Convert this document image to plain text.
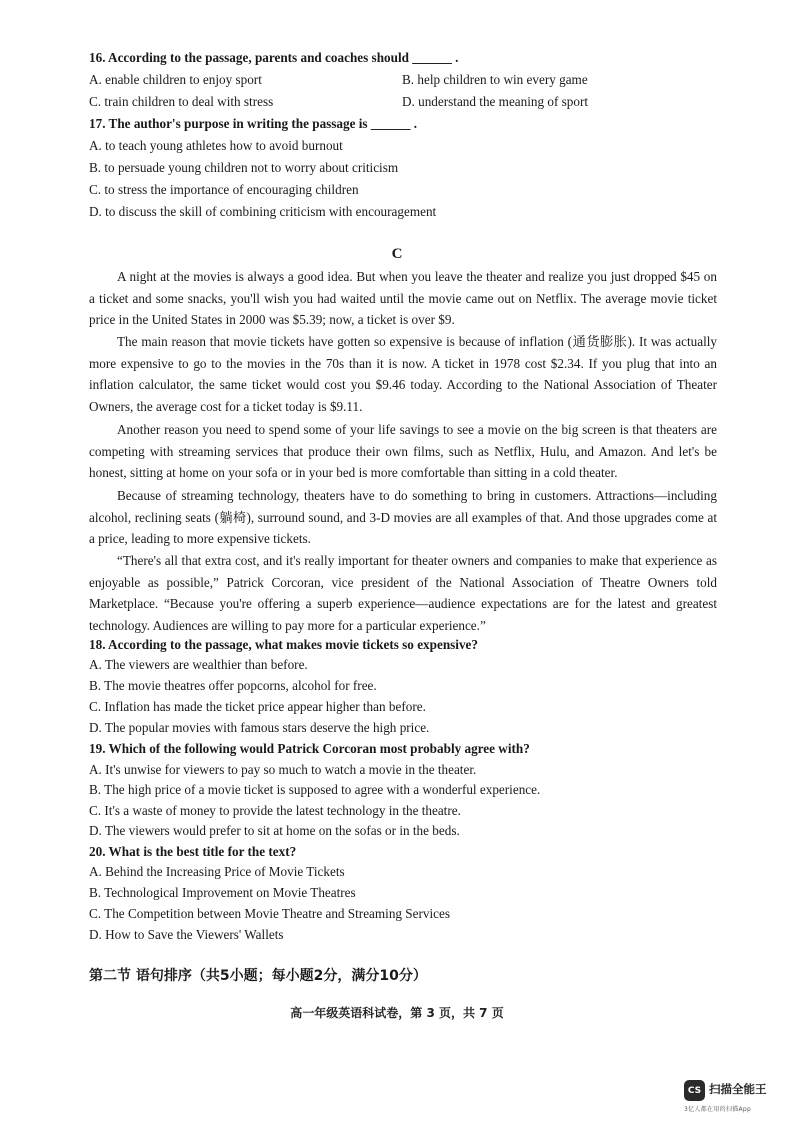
16. According to the passage, parents and coaches should ______ .
A. enable children to enjoy sport	B. help children to win every game
C. train children to deal with stress	D. understand the meaning of sport
17. The author's purpose in writing the passage is ______ .
A. to teach young athletes how to avoid burnout
B. to persuade young children not to worry about criticism
C. to stress the importance of encouraging children
D. to discuss the skill of combining criticism with encouragement
C
A night at the movies is always a good idea. But when you leave the theater and realize you just dropped $45 on a ticket and some snacks, you'll wish you had waited until the movie came out on Netflix. The average movie ticket price in the United States in 2000 was $5.39; now, a ticket is over $9.
The main reason that movie tickets have gotten so expensive is because of inflation (通货膨胀). It was actually more expensive to go to the movies in the 70s than it is now. A ticket in 1978 cost $2.34. If you plug that into an inflation calculator, the same ticket would cost you $9.46 today. According to the National Association of Theater Owners, the average cost for a ticket today is $9.11.
Another reason you need to spend some of your life savings to see a movie on the big screen is that theaters are competing with streaming services that produce their own films, such as Netflix, Hulu, and Amazon. And let's be honest, sitting at home on your sofa or in your bed is more comfortable than sitting in a cold theater.
Because of streaming technology, theaters have to do something to bring in customers. Attractions—including alcohol, reclining seats (躺椅), surround sound, and 3-D movies are all examples of that. And those upgrades come at a price, leading to more expensive tickets.
“There's all that extra cost, and it's really important for theater owners and companies to make that experience as enjoyable as possible,” Patrick Corcoran, vice president of the National Association of Theatre Owners told Marketplace. “Because you're offering a superb experience—audience expectations are for the latest and greatest technology. Audiences are willing to pay more for a particular experience.”
18. According to the passage, what makes movie tickets so expensive?
A. The viewers are wealthier than before.
B. The movie theatres offer popcorns, alcohol for free.
C. Inflation has made the ticket price appear higher than before.
D. The popular movies with famous stars deserve the high price.
19. Which of the following would Patrick Corcoran most probably agree with?
A. It's unwise for viewers to pay so much to watch a movie in the theater.
B. The high price of a movie ticket is supposed to agree with a wonderful experience.
C. It's a waste of money to provide the latest technology in the theatre.
D. The viewers would prefer to sit at home on the sofas or in the beds.
20. What is the best title for the text?
A. Behind the Increasing Price of Movie Tickets
B. Technological Improvement on Movie Theatres
C. The Competition between Movie Theatre and Streaming Services
D. How to Save the Viewers' Wallets
第二节 语句排序（共5小题；每小题2分，满分10分）
高一年级英语科试卷，第 3 页，共 7 页
CS 扫描全能王
3亿人都在用的扫描App
